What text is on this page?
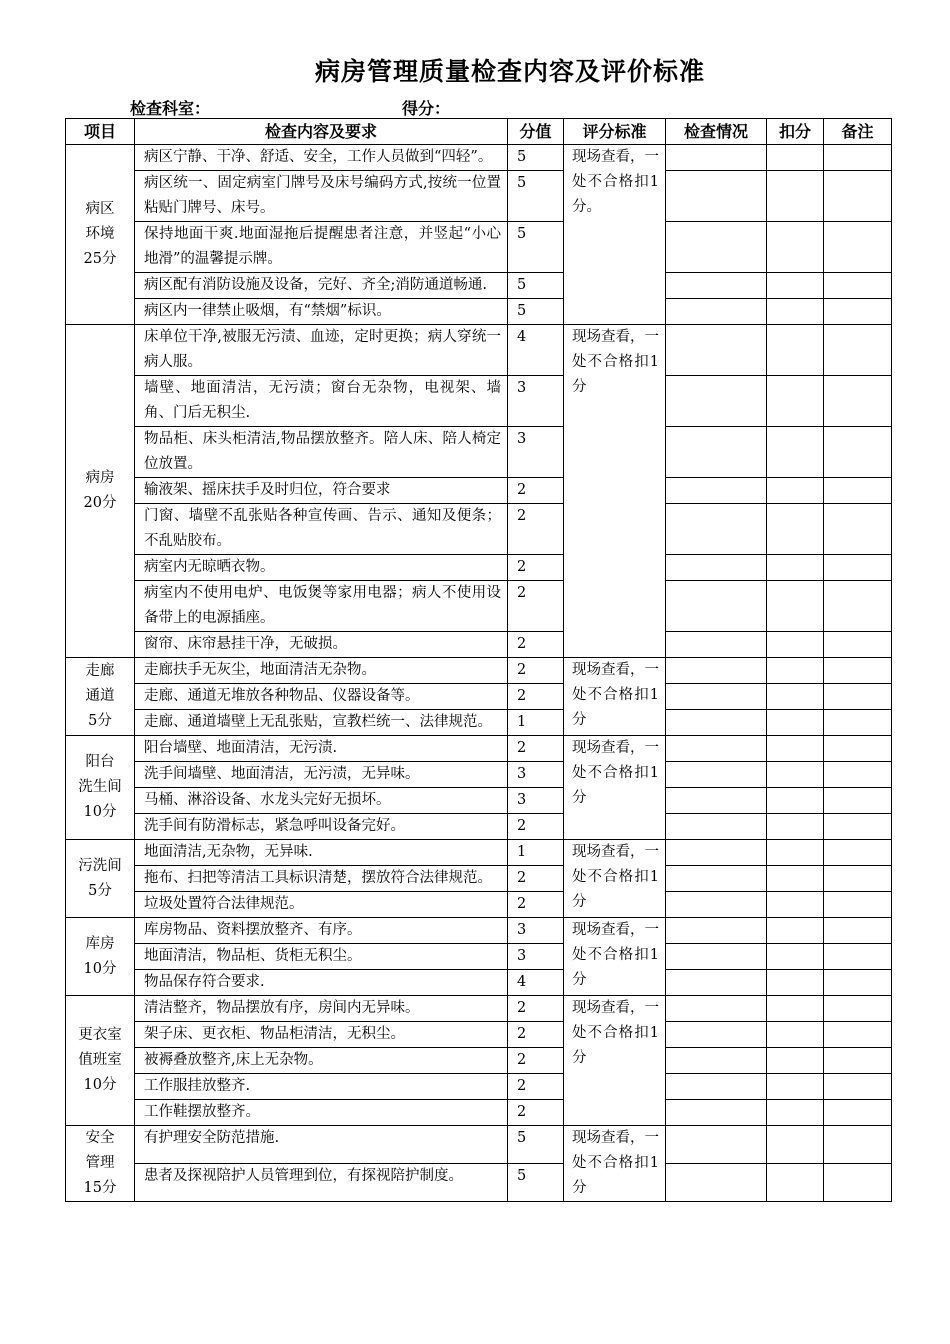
病房管理质量检查内容及评价标准
检查科室：	得分：
项目	检查内容及要求	分值	评分标准	检查情况	扣分	备注

病区
环境
25分	病区宁静、干净、舒适、安全，工作人员做到“四轻”。	5	现场查看，一处不合格扣1分。			
	病区统一、固定病室门牌号及床号编码方式,按统一位置粘贴门牌号、床号。	5				
	保持地面干爽.地面湿拖后提醒患者注意，并竖起“小心地滑”的温馨提示牌。	5				
	病区配有消防设施及设备，完好、齐全;消防通道畅通.	5				
	病区内一律禁止吸烟，有“禁烟”标识。	5				

病房
20分	床单位干净,被服无污渍、血迹，定时更换；病人穿统一病人服。	4	现场查看，一处不合格扣1分			
	墙壁、地面清洁，无污渍；窗台无杂物，电视架、墙角、门后无积尘.	3				
	物品柜、床头柜清洁,物品摆放整齐。陪人床、陪人椅定位放置。	3				
	输液架、摇床扶手及时归位，符合要求	2				
	门窗、墙壁不乱张贴各种宣传画、告示、通知及便条；不乱贴胶布。	2				
	病室内无晾晒衣物。	2				
	病室内不使用电炉、电饭煲等家用电器；病人不使用设备带上的电源插座。	2				
	窗帘、床帘悬挂干净，无破损。	2				

走廊
通道
5分	走廊扶手无灰尘，地面清洁无杂物。	2	现场查看，一处不合格扣1分			
	走廊、通道无堆放各种物品、仪器设备等。	2				
	走廊、通道墙壁上无乱张贴，宣教栏统一、法律规范。	1				

阳台
洗生间
10分	阳台墙壁、地面清洁，无污渍.	2	现场查看，一处不合格扣1分			
	洗手间墙壁、地面清洁，无污渍，无异味。	3				
	马桶、淋浴设备、水龙头完好无损坏。	3				
	洗手间有防滑标志，紧急呼叫设备完好。	2				

污洗间
5分	地面清洁,无杂物，无异味.	1	现场查看，一处不合格扣1分			
	拖布、扫把等清洁工具标识清楚，摆放符合法律规范。	2				
	垃圾处置符合法律规范。	2				

库房
10分	库房物品、资料摆放整齐、有序。	3	现场查看，一处不合格扣1分			
	地面清洁，物品柜、货柜无积尘。	3				
	物品保存符合要求.	4				

更衣室
值班室
10分	清洁整齐，物品摆放有序，房间内无异味。	2	现场查看，一处不合格扣1分			
	架子床、更衣柜、物品柜清洁，无积尘。	2				
	被褥叠放整齐,床上无杂物。	2				
	工作服挂放整齐.	2				
	工作鞋摆放整齐。	2				

安全
管理
15分	有护理安全防范措施.	5	现场查看，一处不合格扣1分			
	患者及探视陪护人员管理到位，有探视陪护制度。	5				
